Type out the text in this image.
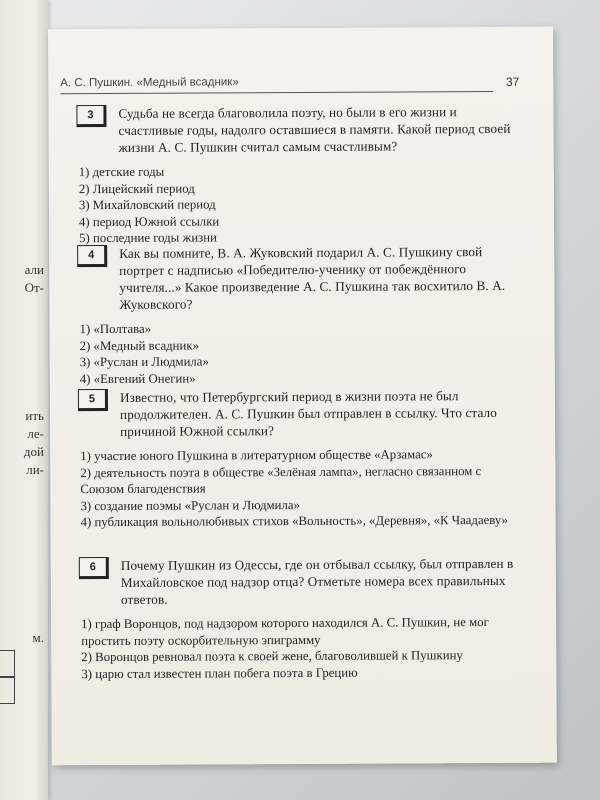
али
От-
ить
ле-
дой
ли-
м.
А. С. Пушкин. «Медный всадник»	37
3	Судьба не всегда благоволила поэту, но были в его жизни и счастливые годы, надолго оставшиеся в памяти. Какой период своей жизни А. С. Пушкин считал самым счастливым?
1) детские годы
2) Лицейский период
3) Михайловский период
4) период Южной ссылки
5) последние годы жизни
4	Как вы помните, В. А. Жуковский подарил А. С. Пушкину свой портрет с надписью «Победителю-ученику от побеждённого учителя...» Какое произведение А. С. Пушкина так восхитило В. А. Жуковского?
1) «Полтава»
2) «Медный всадник»
3) «Руслан и Людмила»
4) «Евгений Онегин»
5	Известно, что Петербургский период в жизни поэта не был продолжителен. А. С. Пушкин был отправлен в ссылку. Что стало причиной Южной ссылки?
1) участие юного Пушкина в литературном обществе «Арзамас»
2) деятельность поэта в обществе «Зелёная лампа», негласно связанном с Союзом благоденствия
3) создание поэмы «Руслан и Людмила»
4) публикация вольнолюбивых стихов «Вольность», «Деревня», «К Чаадаеву»
6	Почему Пушкин из Одессы, где он отбывал ссылку, был отправлен в Михайловское под надзор отца? Отметьте номера всех правильных ответов.
1) граф Воронцов, под надзором которого находился А. С. Пушкин, не мог простить поэту оскорбительную эпиграмму
2) Воронцов ревновал поэта к своей жене, благоволившей к Пушкину
3) царю стал известен план побега поэта в Грецию
